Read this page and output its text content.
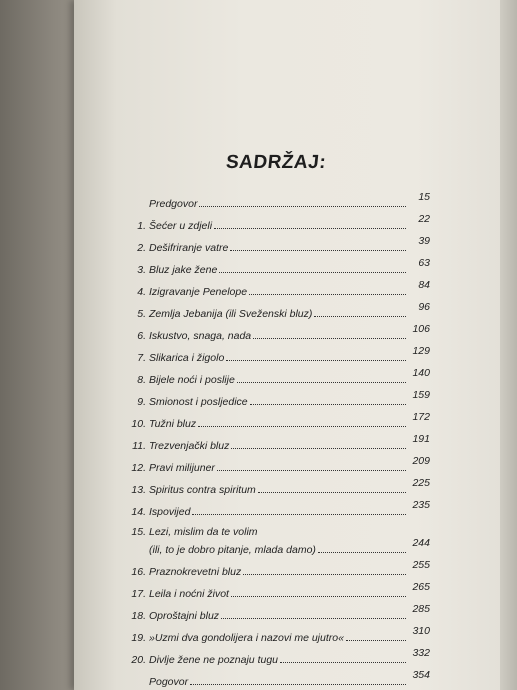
SADRŽAJ:
Predgovor
15
1. Šećer u zdjeli
22
2. Dešifriranje vatre
39
3. Bluz jake žene
63
4. Izigravanje Penelope
84
5. Zemlja Jebanija (ili Sveženski bluz)
96
6. Iskustvo, snaga, nada
106
7. Slikarica i žigolo
129
8. Bijele noći i poslije
140
9. Smionost i posljedice
159
10. Tužni bluz
172
11. Trezvenjački bluz
191
12. Pravi milijuner
209
13. Spiritus contra spiritum
225
14. Ispovijed
235
15. Lezi, mislim da te volim
(ili, to je dobro pitanje, mlada damo)
244
16. Praznokrevetni bluz
255
17. Leila i noćni život
265
18. Oproštajni bluz
285
19. »Uzmi dva gondolijera i nazovi me ujutro«
310
20. Divlje žene ne poznaju tugu
332
Pogovor
354
